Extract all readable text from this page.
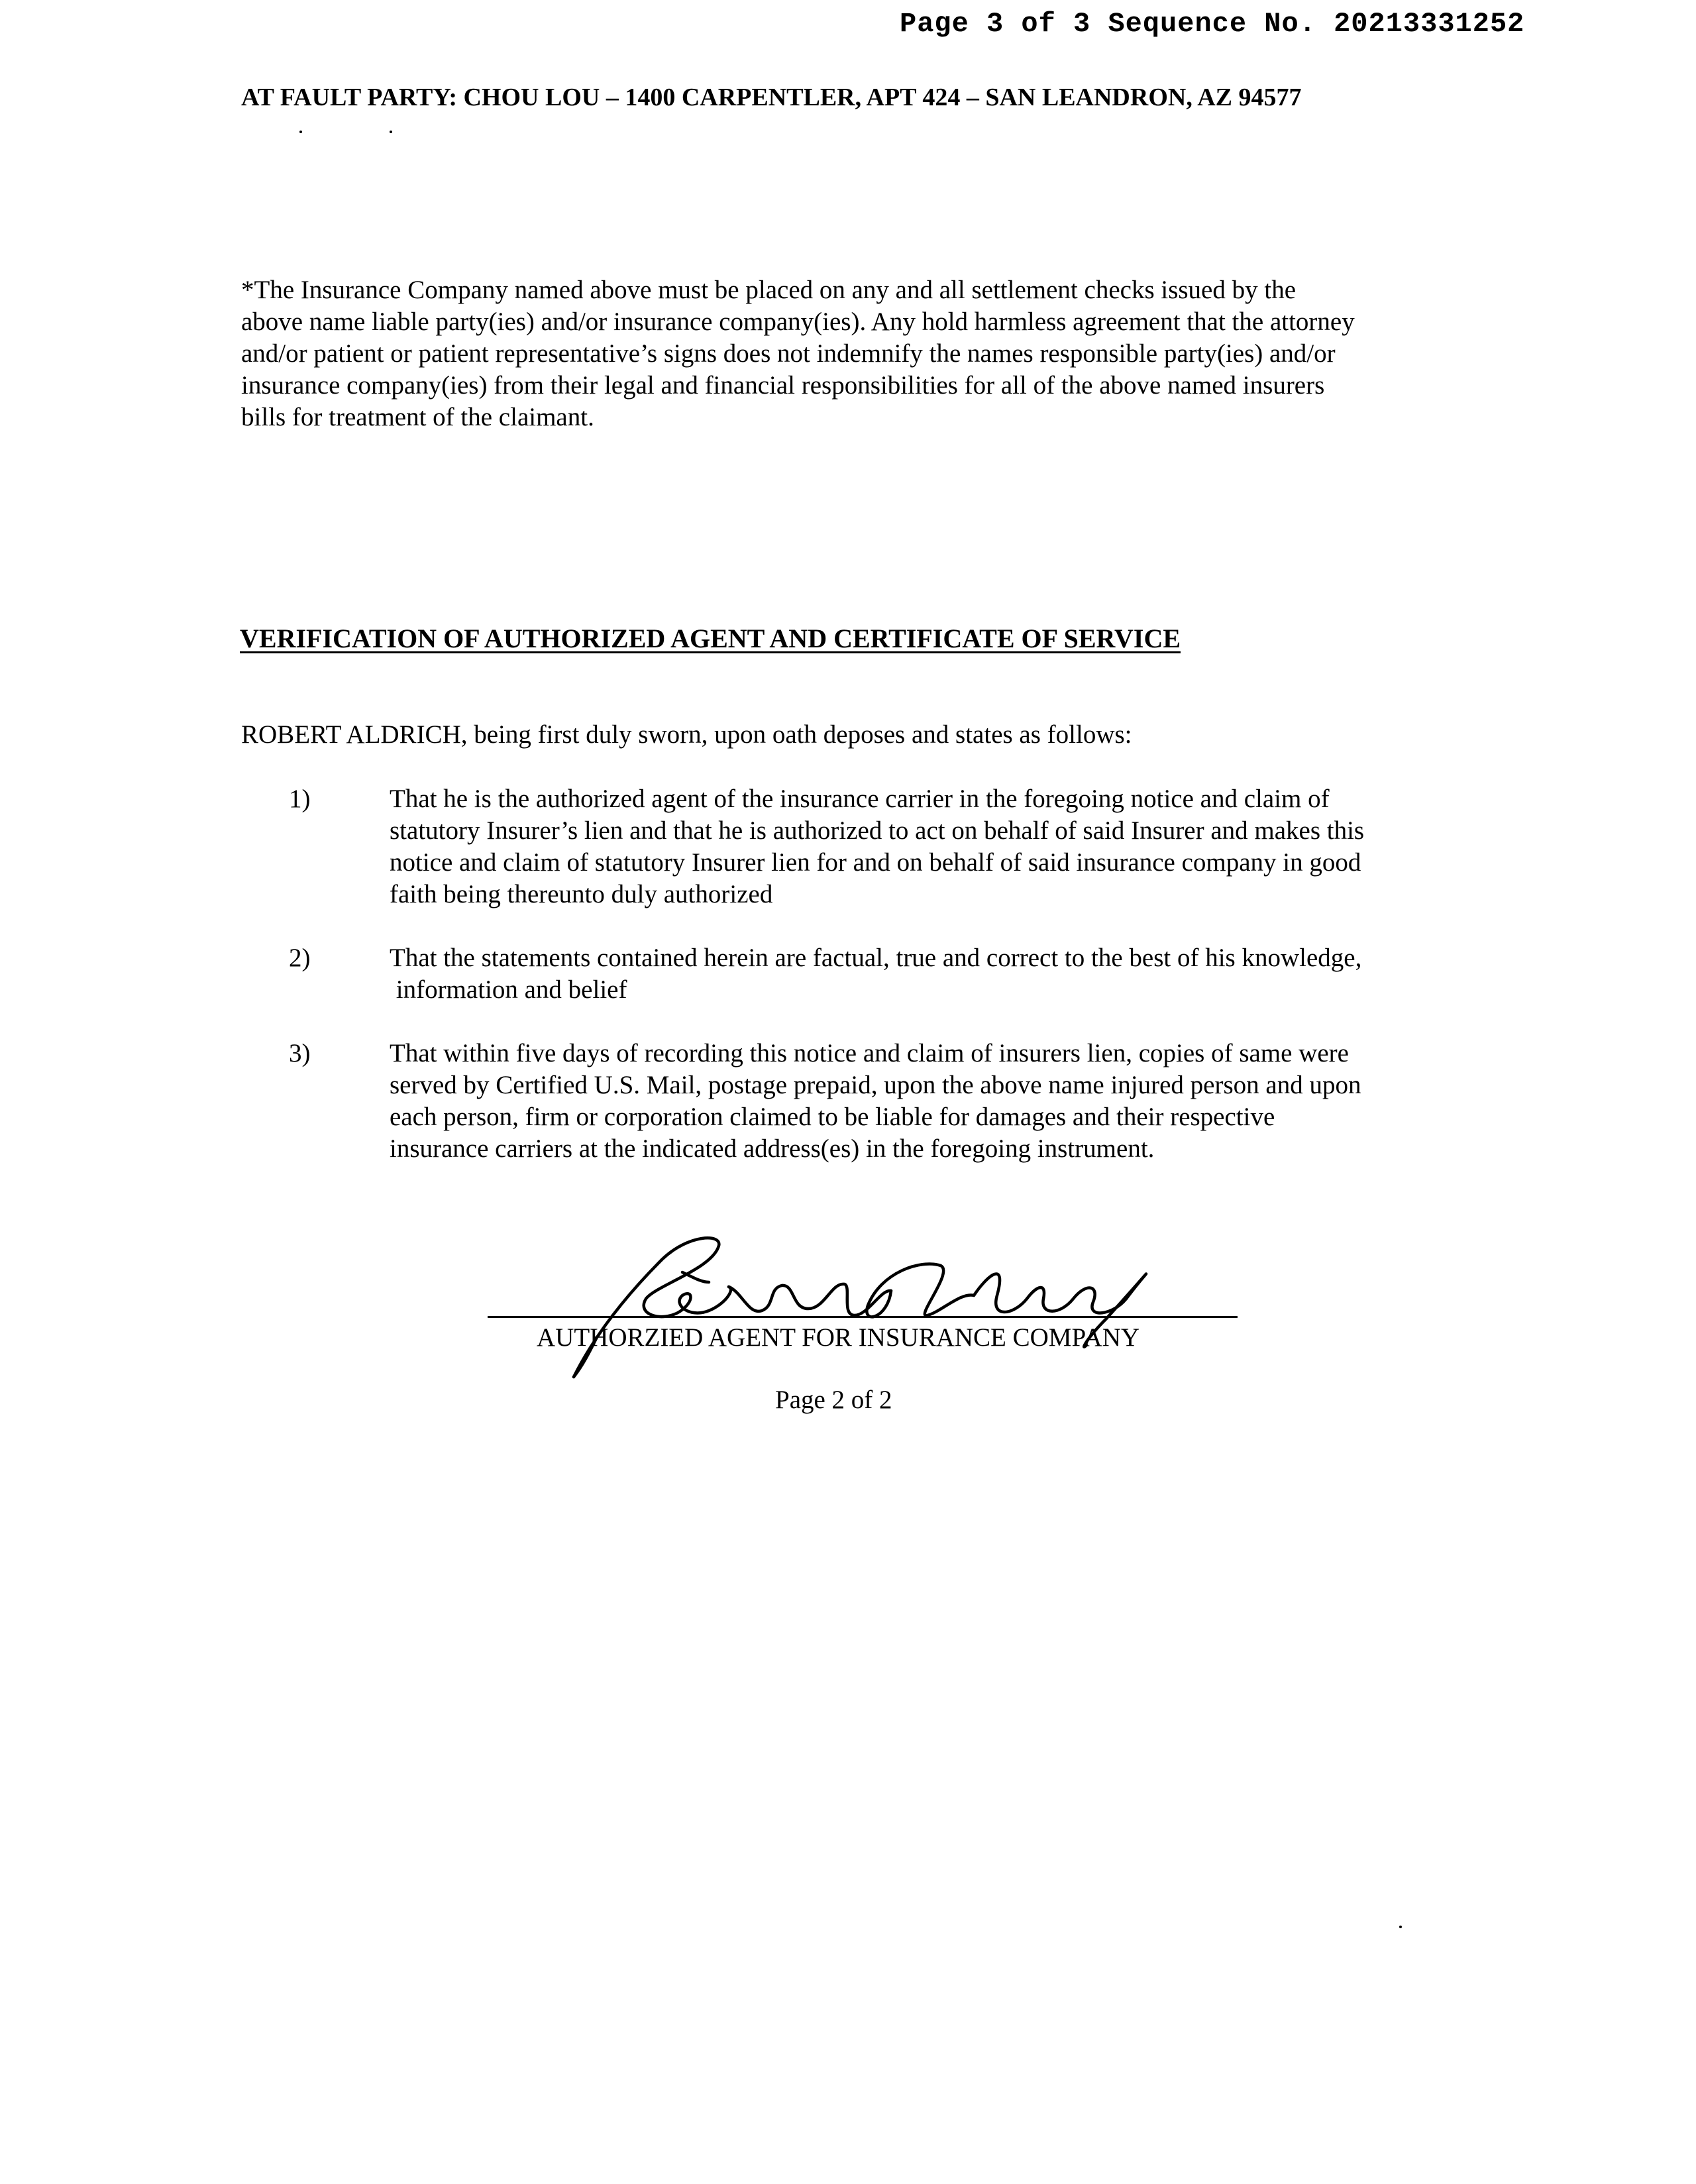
Page 3 of 3 Sequence No. 20213331252
AT FAULT PARTY: CHOU LOU – 1400 CARPENTLER, APT 424 – SAN LEANDRON, AZ 94577
*The Insurance Company named above must be placed on any and all settlement checks issued by the
above name liable party(ies) and/or insurance company(ies). Any hold harmless agreement that the attorney
and/or patient or patient representative’s signs does not indemnify the names responsible party(ies) and/or
insurance company(ies) from their legal and financial responsibilities for all of the above named insurers
bills for treatment of the claimant.
VERIFICATION OF AUTHORIZED AGENT AND CERTIFICATE OF SERVICE
ROBERT ALDRICH, being first duly sworn, upon oath deposes and states as follows:
1)	That he is the authorized agent of the insurance carrier in the foregoing notice and claim of
statutory Insurer’s lien and that he is authorized to act on behalf of said Insurer and makes this
notice and claim of statutory Insurer lien for and on behalf of said insurance company in good
faith being thereunto duly authorized
2)	That the statements contained herein are factual, true and correct to the best of his knowledge,
information and belief
3)	That within five days of recording this notice and claim of insurers lien, copies of same were
served by Certified U.S. Mail, postage prepaid, upon the above name injured person and upon
each person, firm or corporation claimed to be liable for damages and their respective
insurance carriers at the indicated address(es) in the foregoing instrument.
AUTHORZIED AGENT FOR INSURANCE COMPANY
Page 2 of 2
